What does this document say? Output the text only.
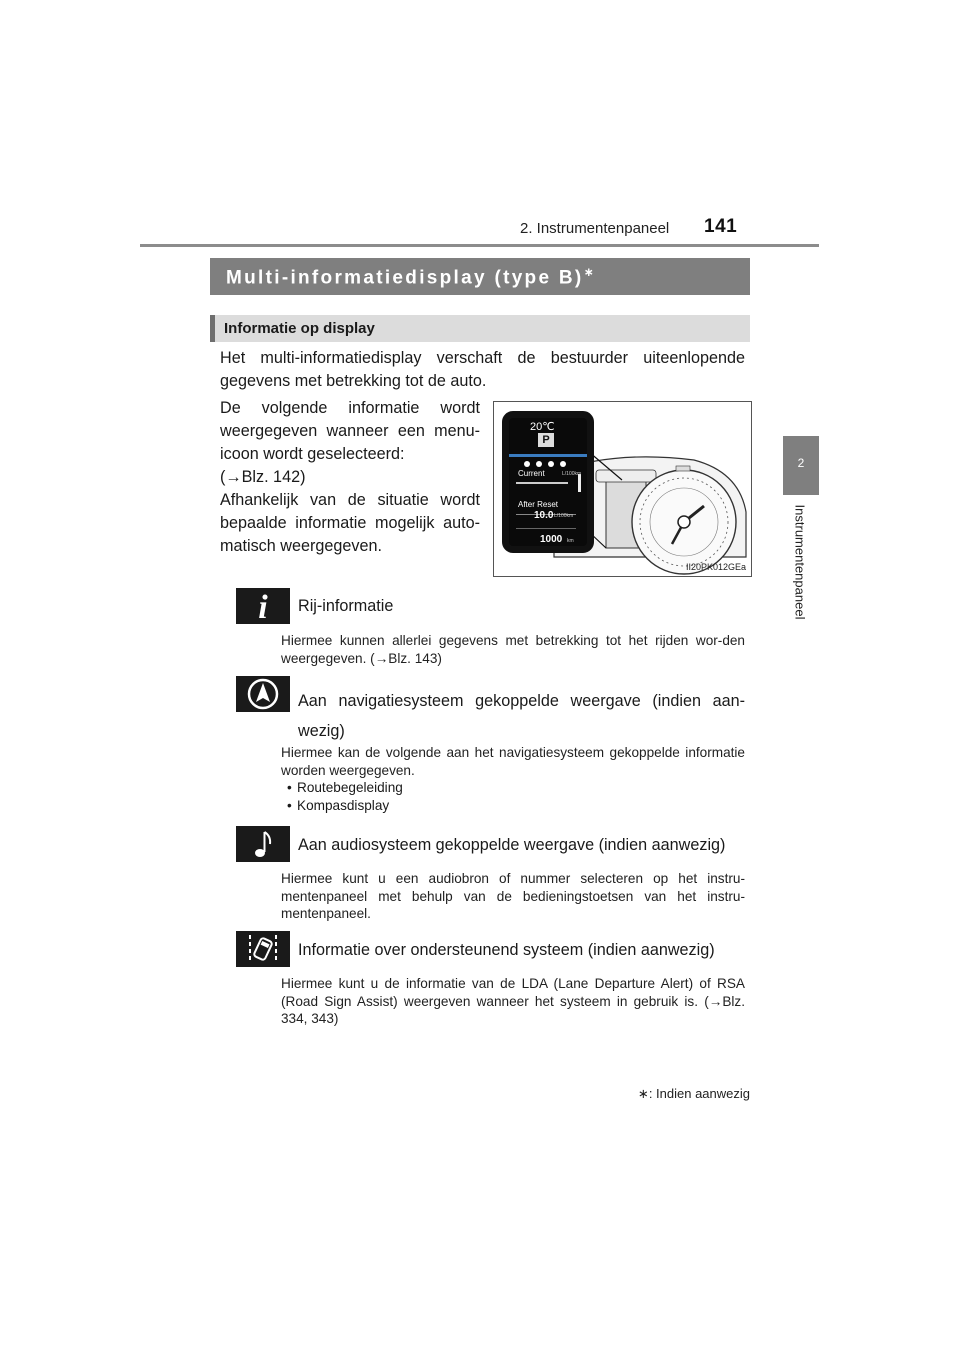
2. Instrumentenpaneel 141
2
Instrumentenpaneel
Multi-informatiedisplay (type B)∗
Informatie op display
Het multi-informatiedisplay verschaft de bestuurder uiteenlopende gegevens met betrekking tot de auto.

De volgende informatie wordt weergegeven wanneer een menu-icoon wordt geselecteerd:

(→Blz. 142)

Afhankelijk van de situatie wordt bepaalde informatie mogelijk auto-matisch weergegeven.

20℃
P
Current	L/100km
After Reset
10.0 L/100km
1000 km
II20PK012GEa
i Rij-informatie
Hiermee kunnen allerlei gegevens met betrekking tot het rijden wor-den weergegeven. (→Blz. 143)
Aan navigatiesysteem gekoppelde weergave (indien aan-wezig)
Hiermee kan de volgende aan het navigatiesysteem gekoppelde informatie worden weergegeven.
• Routebegeleiding
• Kompasdisplay
Aan audiosysteem gekoppelde weergave (indien aanwezig)
Hiermee kunt u een audiobron of nummer selecteren op het instru-mentenpaneel met behulp van de bedieningstoetsen van het instru-mentenpaneel.
Informatie over ondersteunend systeem (indien aanwezig)
Hiermee kunt u de informatie van de LDA (Lane Departure Alert) of RSA (Road Sign Assist) weergeven wanneer het systeem in gebruik is. (→Blz. 334, 343)
∗: Indien aanwezig
